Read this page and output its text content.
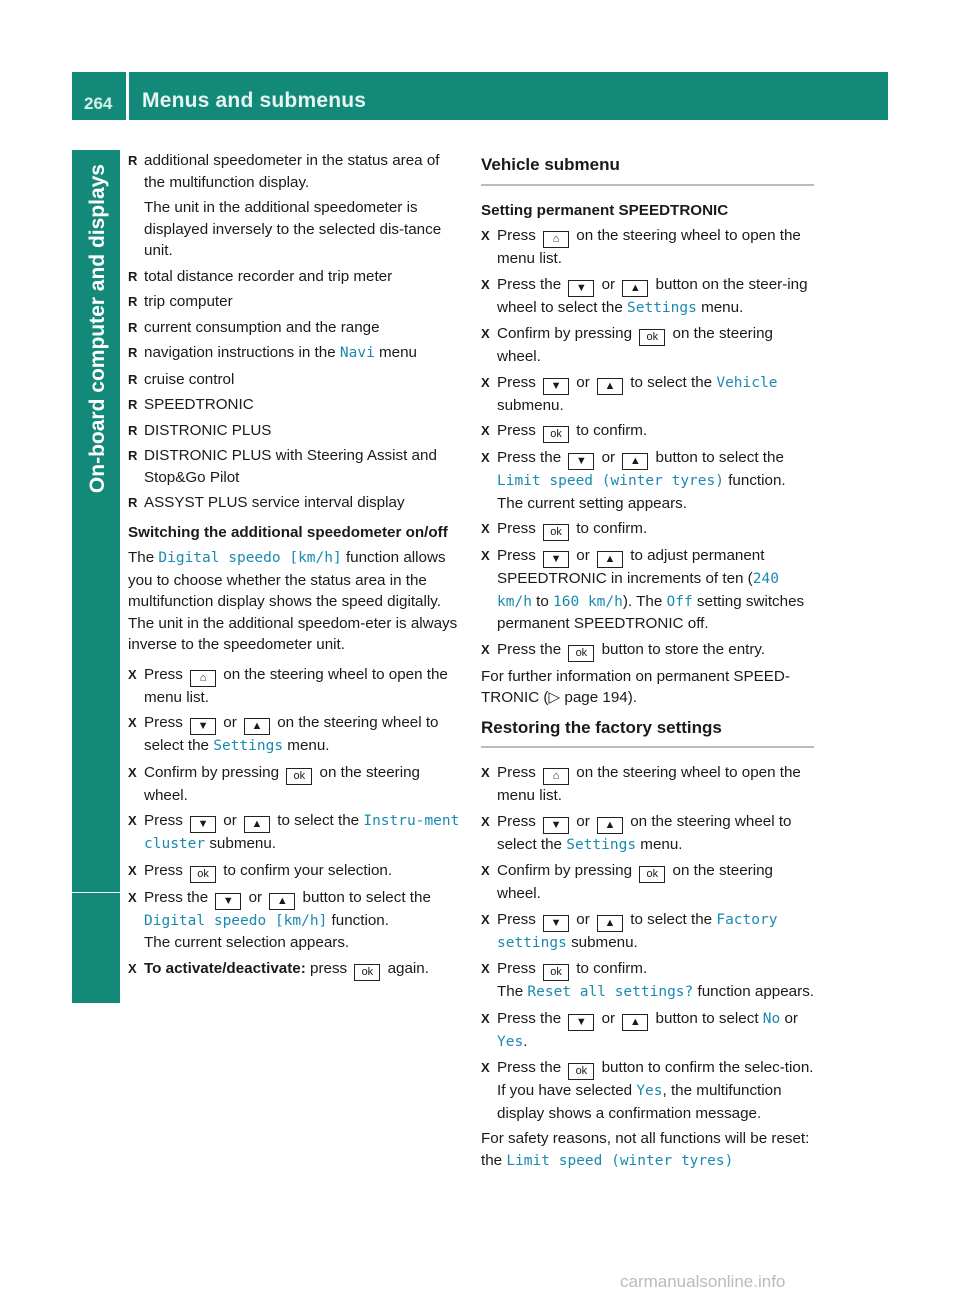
264 Menus and submenus
On-board computer and displays
R additional speedometer in the status area of the multifunction display.
The unit in the additional speedometer is displayed inversely to the selected dis-tance unit.
R total distance recorder and trip meter
R trip computer
R current consumption and the range
R navigation instructions in the Navi menu
R cruise control
R SPEEDTRONIC
R DISTRONIC PLUS
R DISTRONIC PLUS with Steering Assist and Stop&Go Pilot
R ASSYST PLUS service interval display
Switching the additional speedometer on/off
The Digital speedo [km/h] function allows you to choose whether the status area in the multifunction display shows the speed digitally. The unit in the additional speedom-eter is always inverse to the speedometer unit.
X Press ⌂ on the steering wheel to open the menu list.
X Press ▼ or ▲ on the steering wheel to select the Settings menu.
X Confirm by pressing ok on the steering wheel.
X Press ▼ or ▲ to select the Instru-ment cluster submenu.
X Press ok to confirm your selection.
X Press the ▼ or ▲ button to select the Digital speedo [km/h] function.
The current selection appears.
X To activate/deactivate: press ok again.
Vehicle submenu
Setting permanent SPEEDTRONIC
X Press ⌂ on the steering wheel to open the menu list.
X Press the ▼ or ▲ button on the steer-ing wheel to select the Settings menu.
X Confirm by pressing ok on the steering wheel.
X Press ▼ or ▲ to select the Vehicle submenu.
X Press ok to confirm.
X Press the ▼ or ▲ button to select the Limit speed (winter tyres) function.
The current setting appears.
X Press ok to confirm.
X Press ▼ or ▲ to adjust permanent SPEEDTRONIC in increments of ten (240 km/h to 160 km/h). The Off setting switches permanent SPEEDTRONIC off.
X Press the ok button to store the entry.
For further information on permanent SPEED-TRONIC (▷ page 194).
Restoring the factory settings
X Press ⌂ on the steering wheel to open the menu list.
X Press ▼ or ▲ on the steering wheel to select the Settings menu.
X Confirm by pressing ok on the steering wheel.
X Press ▼ or ▲ to select the Factory settings submenu.
X Press ok to confirm.
The Reset all settings? function appears.
X Press the ▼ or ▲ button to select No or Yes.
X Press the ok button to confirm the selec-tion.
If you have selected Yes, the multifunction display shows a confirmation message.
For safety reasons, not all functions will be reset: the Limit speed (winter tyres)
carmanualsonline.info
